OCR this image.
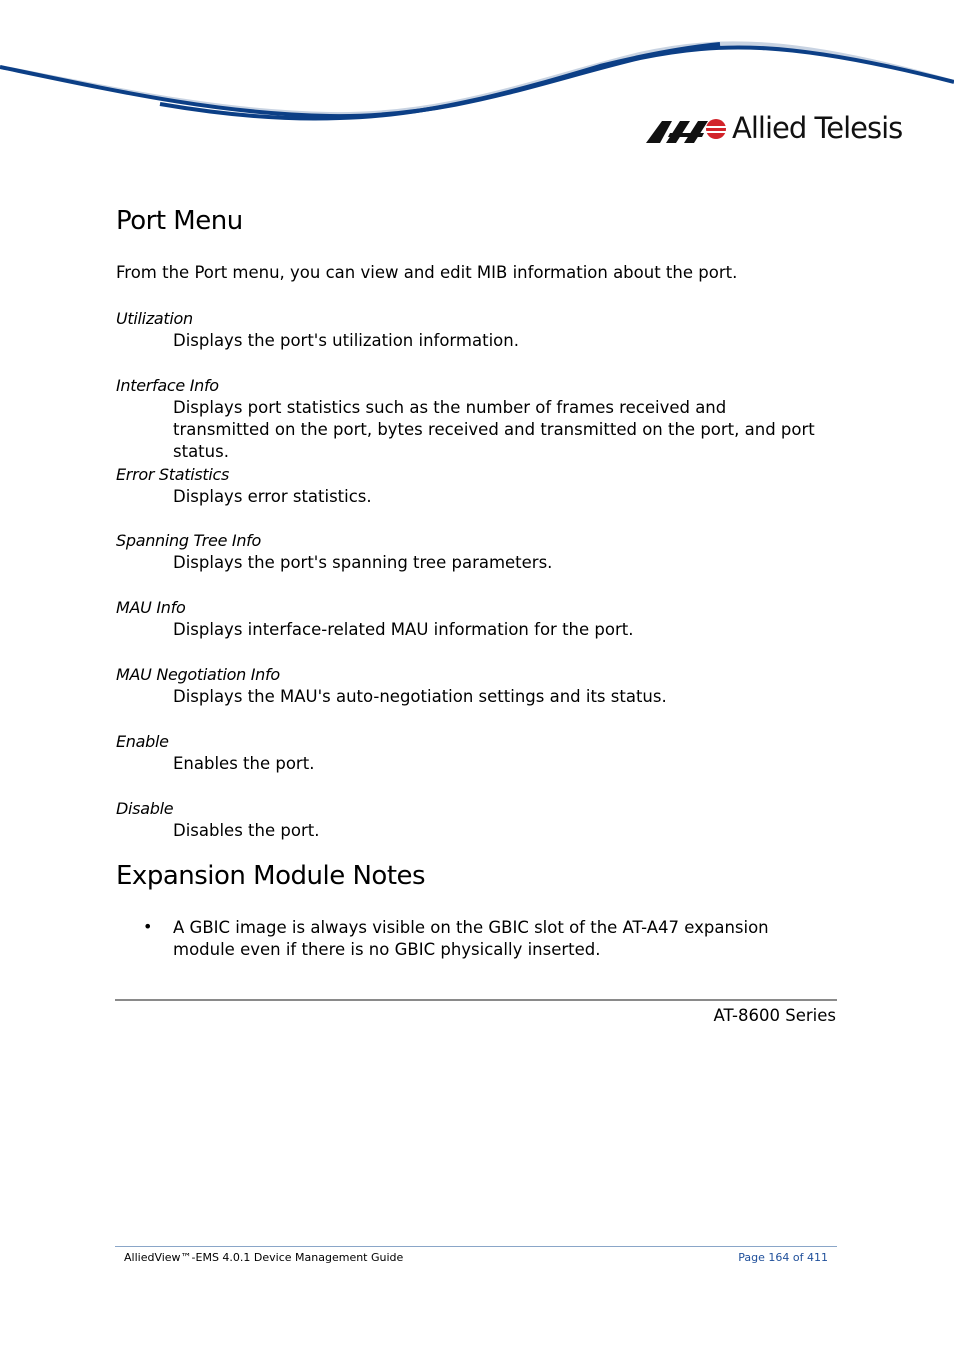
Allied Telesis
Port Menu

From the Port menu, you can view and edit MIB information about the port.

Utilization

Displays the port's utilization information.

Interface Info

Displays port statistics such as the number of frames received and transmitted on the port, bytes received and transmitted on the port, and port status.

Error Statistics

Displays error statistics.

Spanning Tree Info

Displays the port's spanning tree parameters.

MAU Info

Displays interface-related MAU information for the port.

MAU Negotiation Info

Displays the MAU's auto-negotiation settings and its status.

Enable

Enables the port.

Disable

Disables the port.

Expansion Module Notes
• A GBIC image is always visible on the GBIC slot of the AT-A47 expansion module even if there is no GBIC physically inserted.

AT-8600 Series
AlliedView™-EMS 4.0.1 Device Management Guide	Page 164 of 411
